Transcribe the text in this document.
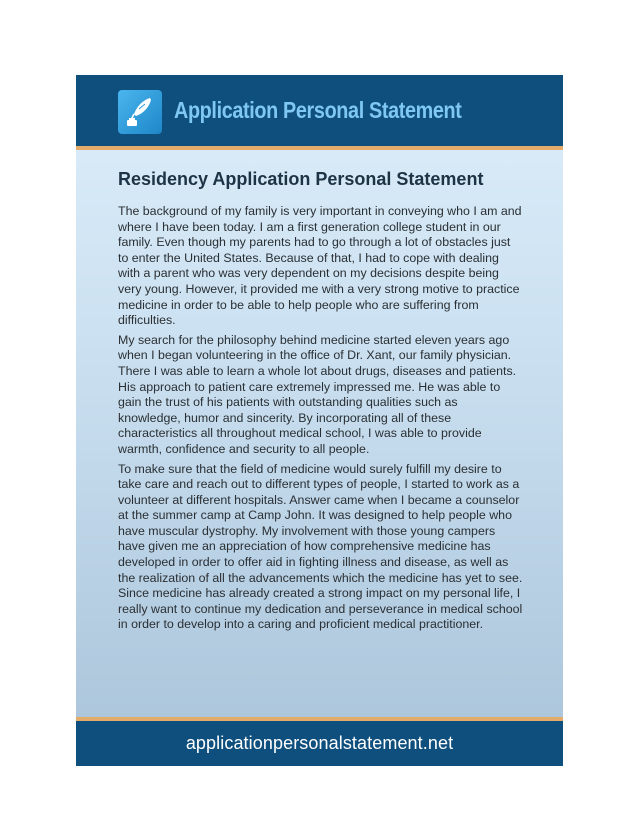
Application Personal Statement
Residency Application Personal Statement

The background of my family is very important in conveying who I am and where I have been today. I am a first generation college student in our family. Even though my parents had to go through a lot of obstacles just to enter the United States. Because of that, I had to cope with dealing with a parent who was very dependent on my decisions despite being very young. However, it provided me with a very strong motive to practice medicine in order to be able to help people who are suffering from difficulties.

My search for the philosophy behind medicine started eleven years ago when I began volunteering in the office of Dr. Xant, our family physician. There I was able to learn a whole lot about drugs, diseases and patients. His approach to patient care extremely impressed me. He was able to gain the trust of his patients with outstanding qualities such as knowledge, humor and sincerity. By incorporating all of these characteristics all throughout medical school, I was able to provide warmth, confidence and security to all people.

To make sure that the field of medicine would surely fulfill my desire to take care and reach out to different types of people, I started to work as a volunteer at different hospitals. Answer came when I became a counselor at the summer camp at Camp John. It was designed to help people who have muscular dystrophy. My involvement with those young campers have given me an appreciation of how comprehensive medicine has developed in order to offer aid in fighting illness and disease, as well as the realization of all the advancements which the medicine has yet to see. Since medicine has already created a strong impact on my personal life, I really want to continue my dedication and perseverance in medical school in order to develop into a caring and proficient medical practitioner.

applicationpersonalstatement.net
